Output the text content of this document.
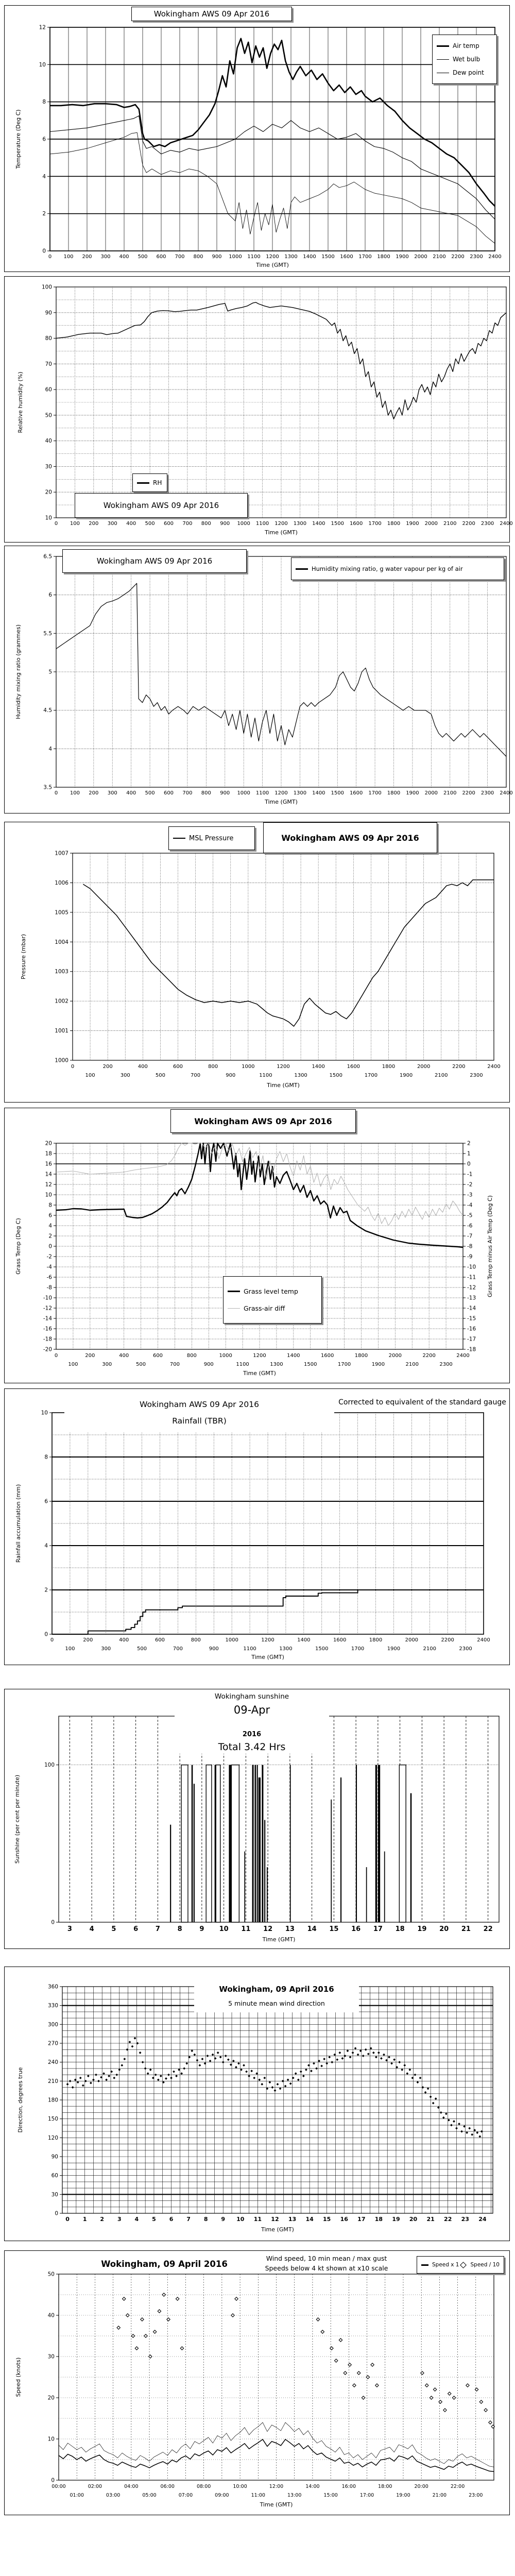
0 100 200 300 400 500 600 700 800 900 1000 1100 1200 1300 1400 1500 1600 1700 1800 1900 2000 2100 2200 2300 2400
0
2
4
6
8
10
12
Time (GMT)
Temperature (Deg C)
Wokingham AWS 09 Apr 2016
Air temp
Wet bulb
Dew point
0 100 200 300 400 500 600 700 800 900 1000 1100 1200 1300 1400 1500 1600 1700 1800 1900 2000 2100 2200 2300 2400
10
20
30
40
50
60
70
80
90
100
Time (GMT)
Relative humidity (%)
RH
Wokingham AWS 09 Apr 2016
0 100 200 300 400 500 600 700 800 900 1000 1100 1200 1300 1400 1500 1600 1700 1800 1900 2000 2100 2200 2300 2400
3.5
4
4.5
5
5.5
6
6.5
Time (GMT)
Humidity mixing ratio (grammes)
Wokingham AWS 09 Apr 2016
Humidity mixing ratio, g water vapour per kg of air
0
100
200
300
400
500
600
700
800
900
1000
1100
1200
1300
1400
1500
1600
1700
1800
1900
2000
2100
2200
2300
2400
1000
1001
1002
1003
1004
1005
1006
1007
Time (GMT)
Pressure (mbar)
MSL Pressure	Wokingham AWS 09 Apr 2016
0
100
200
300
400
500
600
700
800
900
1000
1100
1200
1300
1400
1500
1600
1700
1800
1900
2000
2100
2200
2300
2400
-20
-18
-16
-14
-12
-10
-8
-6
-4
-2
0
2
4
6
8
10
12
14
16
18
20
-18
-17
-16
-15
-14
-13
-12
-11
-10
-9
-8
-7
-6
-5
-4
-3
-2
-1
0
1
2
Time (GMT)
Grass Temp (Deg C)	Grass Temp minus Air Temp (Deg C)
Wokingham AWS 09 Apr 2016
Grass level temp
Grass-air diff
0
100
200
300
400
500
600
700
800
900
1000
1100
1200
1300
1400
1500
1600
1700
1800
1900
2000
2100
2200
2300
2400
0
2
4
6
8
10
Time (GMT)
Rainfall accumulation (mm)
Wokingham AWS 09 Apr 2016
Rainfall (TBR)
Corrected to equivalent of the standard gauge
3	4	5	6	7	8	9 10 11 12 13 14 15 16 17 18 19 20 21 22
0
100
Time (GMT)
Sunshine (per cent per minute)
Wokingham sunshine
09-Apr
2016
Total 3.42 Hrs
0 1 2 3 4 5 6 7 8 9 10 11 12 13 14 15 16 17 18 19 20 21 22 23 24
0
30
60
90
120
150
180
210
240
270
300
330
360
Time (GMT)
Direction, degrees true
Wokingham, 09 April 2016
5 minute mean wind direction
00:00
01:00
02:00
03:00
04:00
05:00
06:00
07:00
08:00
09:00
10:00
11:00
12:00
13:00
14:00
15:00
16:00
17:00
18:00
19:00
20:00
21:00
22:00
23:00
0
10
20
30
40
50
Time (GMT)
Speed (knots)
Wokingham, 09 April 2016
Wind speed, 10 min mean / max gust
Speeds below 4 kt shown at x10 scale	Speed x 1 Speed / 10
